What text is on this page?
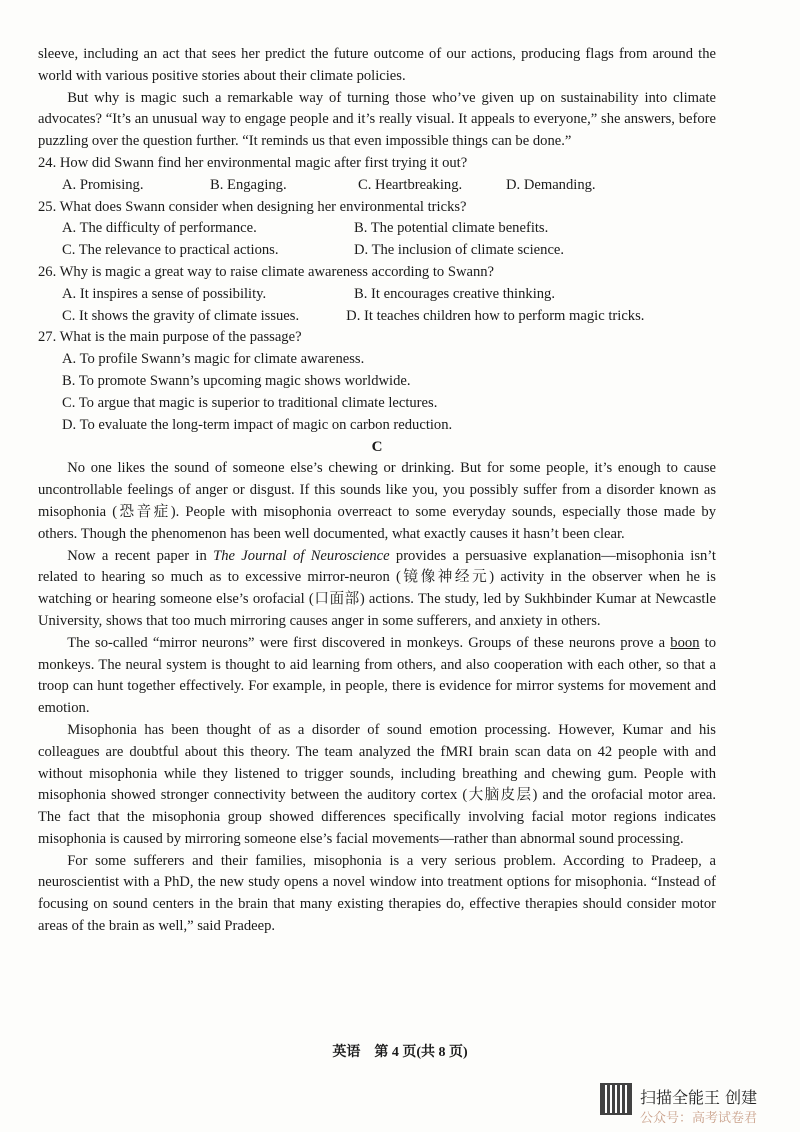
sleeve, including an act that sees her predict the future outcome of our actions, producing flags from around the world with various positive stories about their climate policies.

But why is magic such a remarkable way of turning those who’ve given up on sustainability into climate advocates? “It’s an unusual way to engage people and it’s really visual. It appeals to everyone,” she answers, before puzzling over the question further. “It reminds us that even impossible things can be done.”

24. How did Swann find her environmental magic after first trying it out?
A. Promising.	B. Engaging.	C. Heartbreaking.	D. Demanding.
25. What does Swann consider when designing her environmental tricks?
A. The difficulty of performance.	B. The potential climate benefits.
C. The relevance to practical actions.	D. The inclusion of climate science.
26. Why is magic a great way to raise climate awareness according to Swann?
A. It inspires a sense of possibility.	B. It encourages creative thinking.
C. It shows the gravity of climate issues.	D. It teaches children how to perform magic tricks.
27. What is the main purpose of the passage?
A. To profile Swann’s magic for climate awareness.
B. To promote Swann’s upcoming magic shows worldwide.
C. To argue that magic is superior to traditional climate lectures.
D. To evaluate the long-term impact of magic on carbon reduction.
C

No one likes the sound of someone else’s chewing or drinking. But for some people, it’s enough to cause uncontrollable feelings of anger or disgust. If this sounds like you, you possibly suffer from a disorder known as misophonia (恐音症). People with misophonia overreact to some everyday sounds, especially those made by others. Though the phenomenon has been well documented, what exactly causes it hasn’t been clear.

Now a recent paper in The Journal of Neuroscience provides a persuasive explanation—misophonia isn’t related to hearing so much as to excessive mirror-neuron (镜像神经元) activity in the observer when he is watching or hearing someone else’s orofacial (口面部) actions. The study, led by Sukhbinder Kumar at Newcastle University, shows that too much mirroring causes anger in some sufferers, and anxiety in others.

The so-called “mirror neurons” were first discovered in monkeys. Groups of these neurons prove a boon to monkeys. The neural system is thought to aid learning from others, and also cooperation with each other, so that a troop can hunt together effectively. For example, in people, there is evidence for mirror systems for movement and emotion.

Misophonia has been thought of as a disorder of sound emotion processing. However, Kumar and his colleagues are doubtful about this theory. The team analyzed the fMRI brain scan data on 42 people with and without misophonia while they listened to trigger sounds, including breathing and chewing gum. People with misophonia showed stronger connectivity between the auditory cortex (大脑皮层) and the orofacial motor area. The fact that the misophonia group showed differences specifically involving facial motor regions indicates misophonia is caused by mirroring someone else’s facial movements—rather than abnormal sound processing.

For some sufferers and their families, misophonia is a very serious problem. According to Pradeep, a neuroscientist with a PhD, the new study opens a novel window into treatment options for misophonia. “Instead of focusing on sound centers in the brain that many existing therapies do, effective therapies should consider motor areas of the brain as well,” said Pradeep.

英语　第 4 页(共 8 页)
扫描全能王 创建
公众号：高考试卷君
